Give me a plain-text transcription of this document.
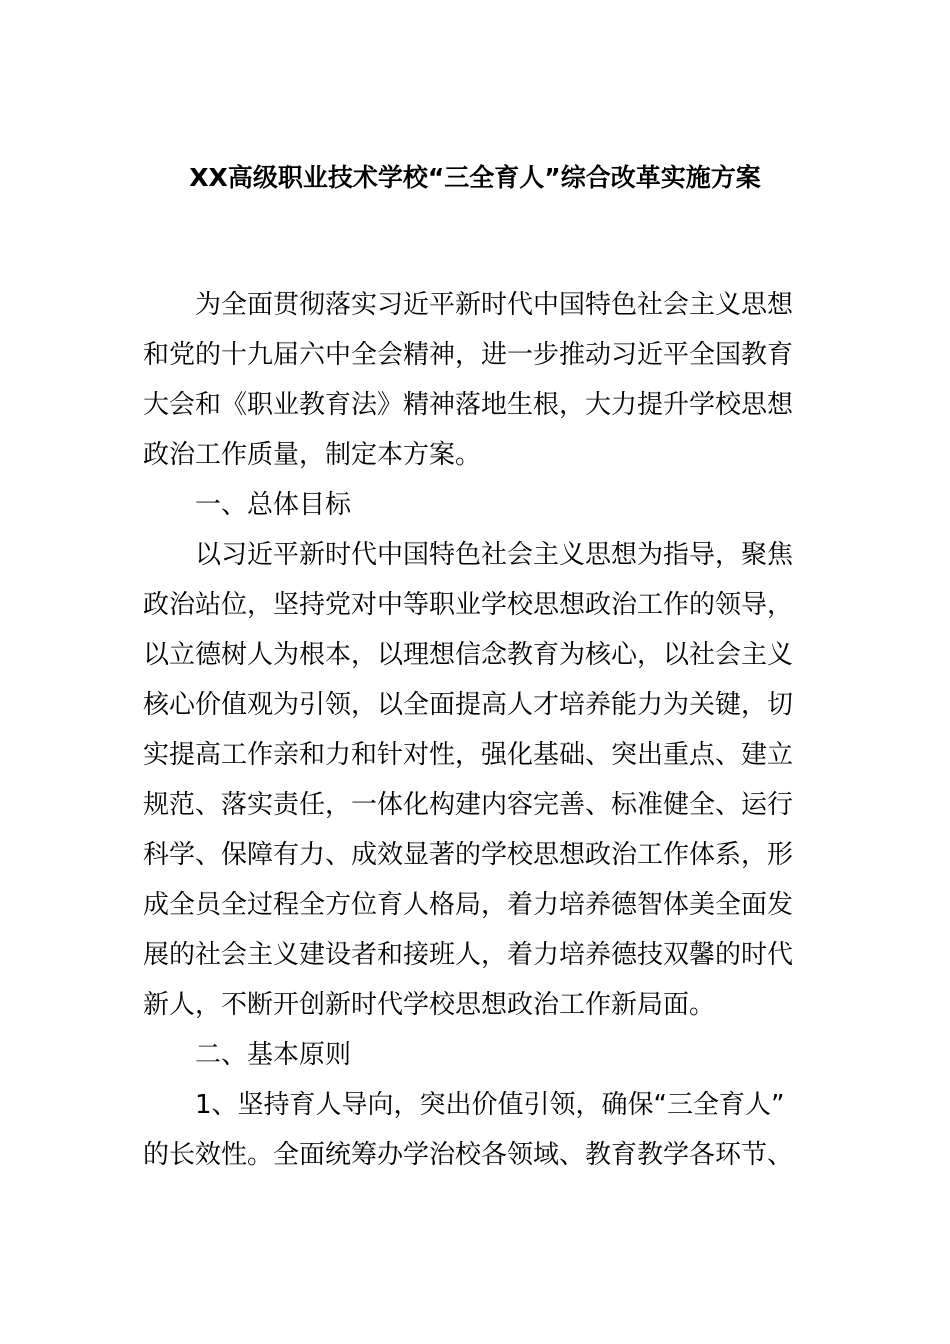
XX高级职业技术学校“三全育人”综合改革实施方案
为全面贯彻落实习近平新时代中国特色社会主义思想
和党的十九届六中全会精神，进一步推动习近平全国教育
大会和《职业教育法》精神落地生根，大力提升学校思想
政治工作质量，制定本方案。
一、总体目标
以习近平新时代中国特色社会主义思想为指导，聚焦
政治站位，坚持党对中等职业学校思想政治工作的领导，
以立德树人为根本，以理想信念教育为核心，以社会主义
核心价值观为引领，以全面提高人才培养能力为关键，切
实提高工作亲和力和针对性，强化基础、突出重点、建立
规范、落实责任，一体化构建内容完善、标准健全、运行
科学、保障有力、成效显著的学校思想政治工作体系，形
成全员全过程全方位育人格局，着力培养德智体美全面发
展的社会主义建设者和接班人，着力培养德技双馨的时代
新人，不断开创新时代学校思想政治工作新局面。
二、基本原则
1、坚持育人导向，突出价值引领，确保“三全育人”
的长效性。全面统筹办学治校各领域、教育教学各环节、
